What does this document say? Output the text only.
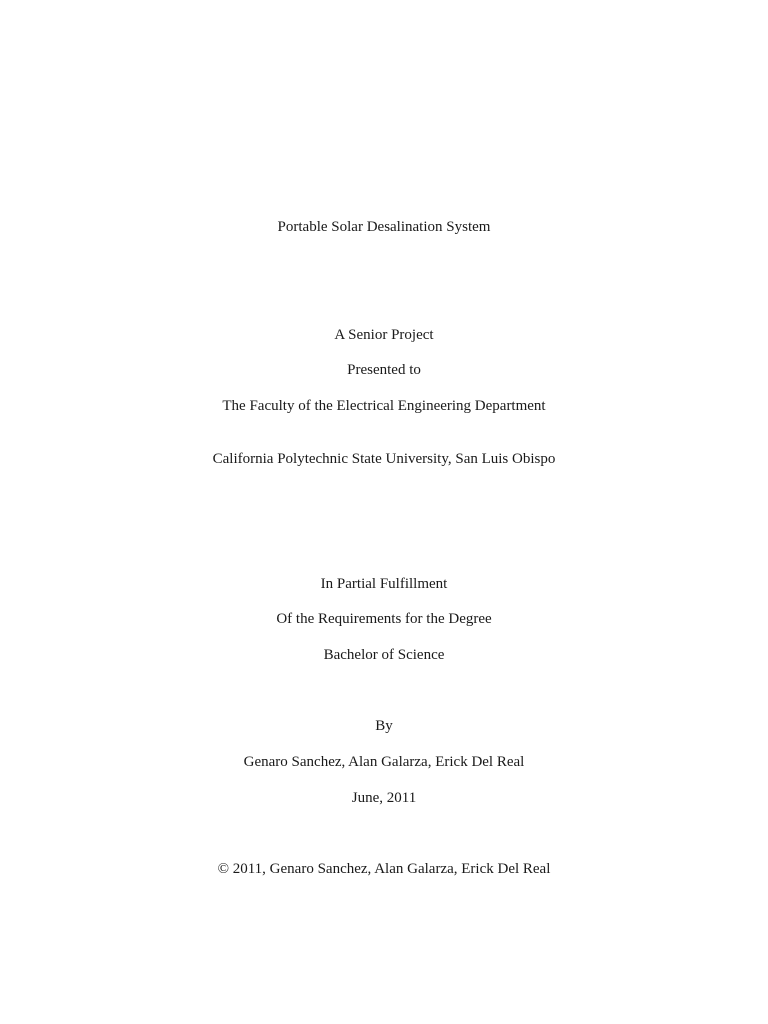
Portable Solar Desalination System
A Senior Project
Presented to
The Faculty of the Electrical Engineering Department
California Polytechnic State University, San Luis Obispo
In Partial Fulfillment
Of the Requirements for the Degree
Bachelor of Science
By
Genaro Sanchez, Alan Galarza, Erick Del Real
June, 2011
© 2011, Genaro Sanchez, Alan Galarza, Erick Del Real
